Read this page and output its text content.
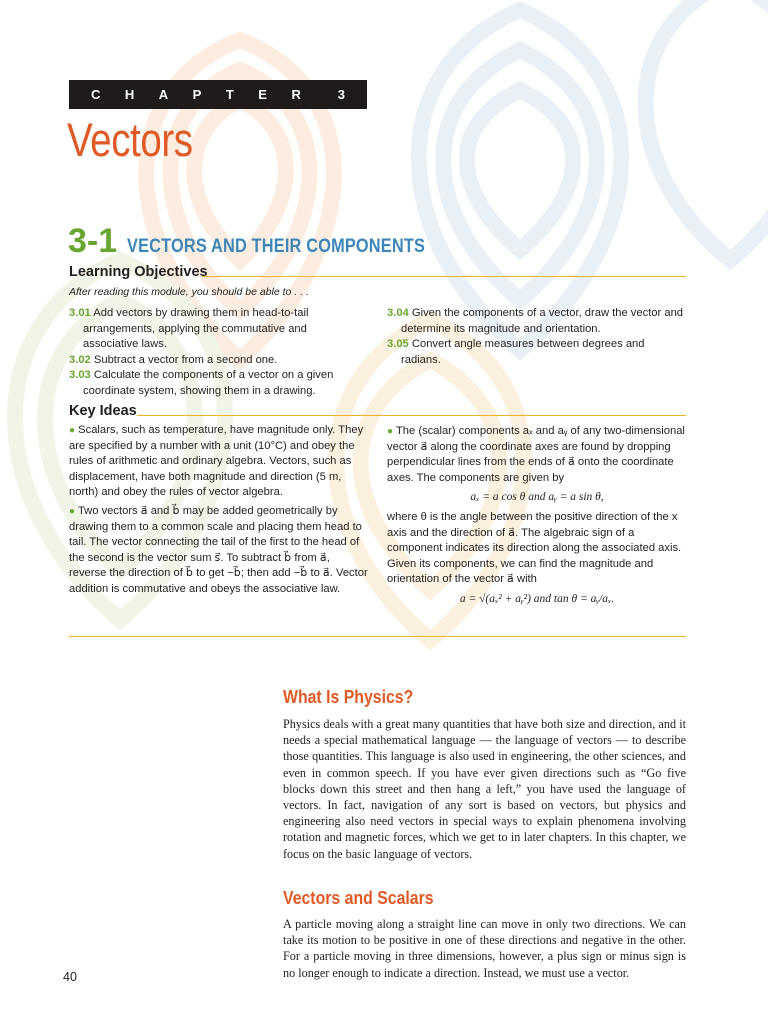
CHAPTER 3
Vectors
3-1 VECTORS AND THEIR COMPONENTS
Learning Objectives
After reading this module, you should be able to . . .

3.01 Add vectors by drawing them in head-to-tail arrangements, applying the commutative and associative laws.

3.02 Subtract a vector from a second one.

3.03 Calculate the components of a vector on a given coordinate system, showing them in a drawing.

3.04 Given the components of a vector, draw the vector and determine its magnitude and orientation.

3.05 Convert angle measures between degrees and radians.

Key Ideas

● Scalars, such as temperature, have magnitude only. They are specified by a number with a unit (10°C) and obey the rules of arithmetic and ordinary algebra. Vectors, such as displacement, have both magnitude and direction (5 m, north) and obey the rules of vector algebra.

● Two vectors a⃗ and b⃗ may be added geometrically by drawing them to a common scale and placing them head to tail. The vector connecting the tail of the first to the head of the second is the vector sum s⃗. To subtract b⃗ from a⃗, reverse the direction of b⃗ to get −b⃗; then add −b⃗ to a⃗. Vector addition is commutative and obeys the associative law.

● The (scalar) components aₓ and aᵧ of any two-dimensional vector a⃗ along the coordinate axes are found by dropping perpendicular lines from the ends of a⃗ onto the coordinate axes. The components are given by

aₓ = a cos θ and aᵧ = a sin θ,

where θ is the angle between the positive direction of the x axis and the direction of a⃗. The algebraic sign of a component indicates its direction along the associated axis. Given its components, we can find the magnitude and orientation of the vector a⃗ with

a = √(aₓ² + aᵧ²) and tan θ = aᵧ/aₓ.
What Is Physics?
Physics deals with a great many quantities that have both size and direction, and it needs a special mathematical language — the language of vectors — to describe those quantities. This language is also used in engineering, the other sciences, and even in common speech. If you have ever given directions such as “Go five blocks down this street and then hang a left,” you have used the language of vectors. In fact, navigation of any sort is based on vectors, but physics and engineering also need vectors in special ways to explain phenomena involving rotation and magnetic forces, which we get to in later chapters. In this chapter, we focus on the basic language of vectors.
Vectors and Scalars
A particle moving along a straight line can move in only two directions. We can take its motion to be positive in one of these directions and negative in the other. For a particle moving in three dimensions, however, a plus sign or minus sign is no longer enough to indicate a direction. Instead, we must use a vector.
40
